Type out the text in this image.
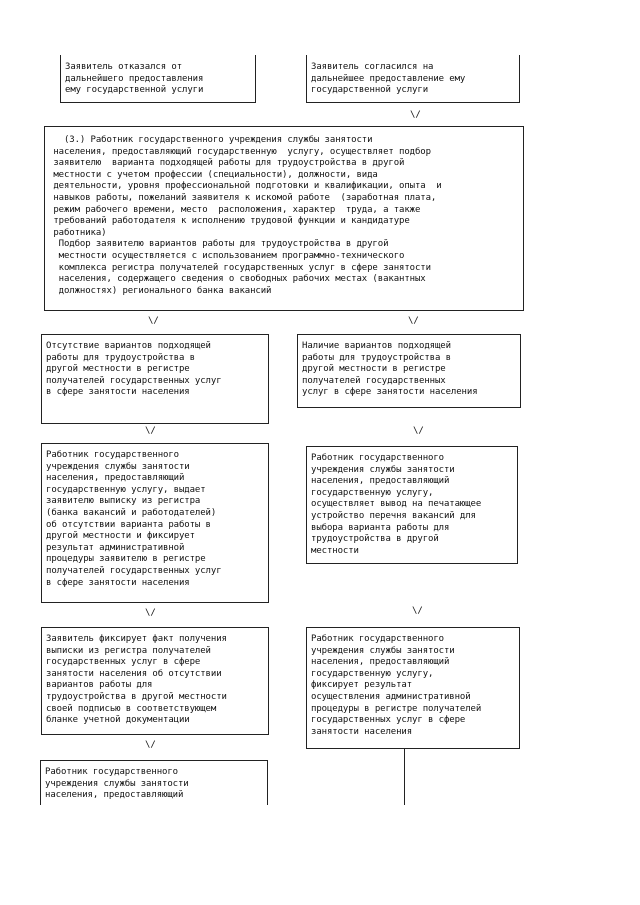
Заявитель отказался от
дальнейшего предоставления
ему государственной услуги
Заявитель согласился на
дальнейшее предоставление ему
государственной услуги
\/
(3.) Работник государственного учреждения службы занятости
населения, предоставляющий государственную  услугу, осуществляет подбор
заявителю  варианта подходящей работы для трудоустройства в другой
местности с учетом профессии (специальности), должности, вида
деятельности, уровня профессиональной подготовки и квалификации, опыта  и
навыков работы, пожеланий заявителя к искомой работе  (заработная плата,
режим рабочего времени, место  расположения, характер  труда, а также
требований работодателя к исполнению трудовой функции и кандидатуре
работника)
Подбор заявителю вариантов работы для трудоустройства в другой
местности осуществляется с использованием программно-технического
комплекса регистра получателей государственных услуг в сфере занятости
населения, содержащего сведения о свободных рабочих местах (вакантных
должностях) регионального банка вакансий
\/	\/
Отсутствие вариантов подходящей
работы для трудоустройства в
другой местности в регистре
получателей государственных услуг
в сфере занятости населения
Наличие вариантов подходящей
работы для трудоустройства в
другой местности в регистре
получателей государственных
услуг в сфере занятости населения
\/	\/
Работник государственного
учреждения службы занятости
населения, предоставляющий
государственную услугу, выдает
заявителю выписку из регистра
(банка вакансий и работодателей)
об отсутствии варианта работы в
другой местности и фиксирует
результат административной
процедуры заявителю в регистре
получателей государственных услуг
в сфере занятости населения
Работник государственного
учреждения службы занятости
населения, предоставляющий
государственную услугу,
осуществляет вывод на печатающее
устройство перечня вакансий для
выбора варианта работы для
трудоустройства в другой
местности
\/	\/
Заявитель фиксирует факт получения
выписки из регистра получателей
государственных услуг в сфере
занятости населения об отсутствии
вариантов работы для
трудоустройства в другой местности
своей подписью в соответствующем
бланке учетной документации
Работник государственного
учреждения службы занятости
населения, предоставляющий
государственную услугу,
фиксирует результат
осуществления административной
процедуры в регистре получателей
государственных услуг в сфере
занятости населения
\/
Работник государственного
учреждения службы занятости
населения, предоставляющий
